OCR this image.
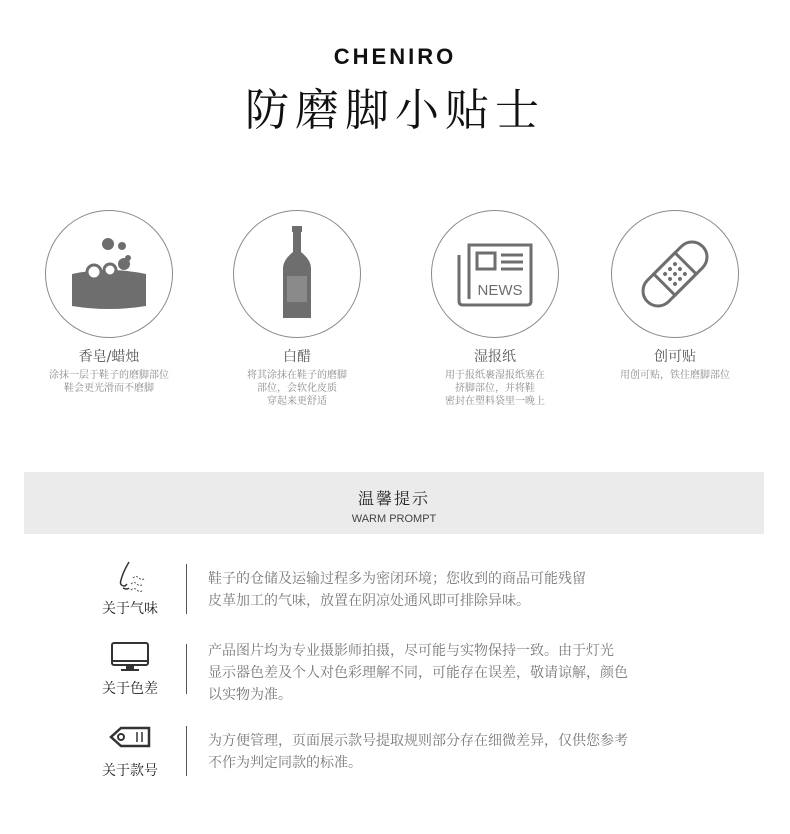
CHENIRO
防磨脚小贴士
香皂/蜡烛
涂抹一层于鞋子的磨脚部位
鞋会更光滑而不磨脚
白醋
将其涂抹在鞋子的磨脚
部位，会软化皮质
穿起来更舒适
NEWS
湿报纸
用于报纸裹湿报纸塞在
挤脚部位，并将鞋
密封在塑料袋里一晚上
创可贴
用创可贴，铁住磨脚部位
温馨提示
WARM PROMPT
关于气味
鞋子的仓储及运输过程多为密闭环境；您收到的商品可能残留
皮革加工的气味，放置在阴凉处通风即可排除异味。
关于色差
产品图片均为专业摄影师拍摄，尽可能与实物保持一致。由于灯光
显示器色差及个人对色彩理解不同，可能存在误差，敬请谅解，颜色
以实物为准。
关于款号
为方便管理，页面展示款号提取规则部分存在细微差异，仅供您参考
不作为判定同款的标准。
